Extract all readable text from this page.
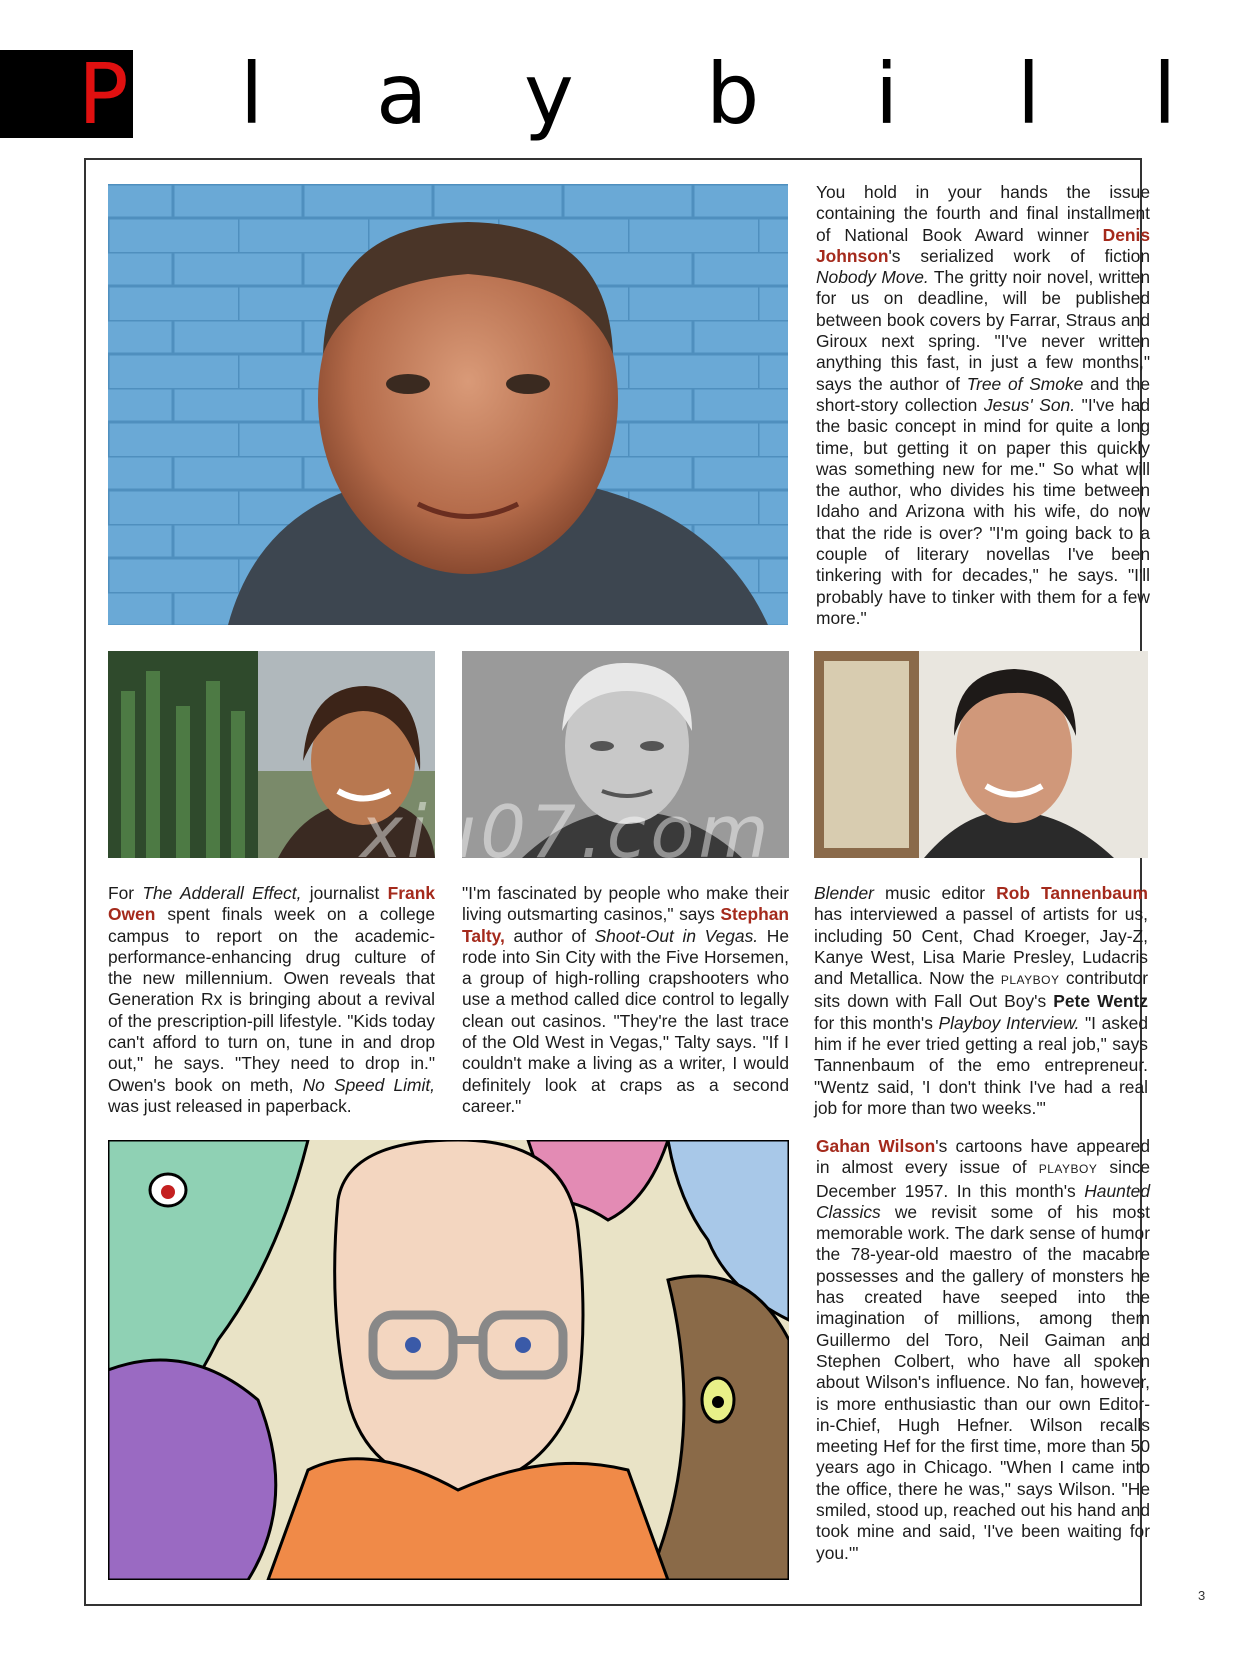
P l a y b i l l

You hold in your hands the issue containing the fourth and final installment of National Book Award winner Denis Johnson's serialized work of fiction Nobody Move. The gritty noir novel, written for us on deadline, will be published between book covers by Farrar, Straus and Giroux next spring. "I've never written anything this fast, in just a few months," says the author of Tree of Smoke and the short-story collection Jesus' Son. "I've had the basic concept in mind for quite a long time, but getting it on paper this quickly was something new for me." So what will the author, who divides his time between Idaho and Arizona with his wife, do now that the ride is over? "I'm going back to a couple of literary novellas I've been tinkering with for decades," he says. "I'll probably have to tinker with them for a few more."

xiu07.com

For The Adderall Effect, journalist Frank Owen spent finals week on a college campus to report on the academic-performance-enhancing drug culture of the new millennium. Owen reveals that Generation Rx is bringing about a revival of the prescription-pill lifestyle. "Kids today can't afford to turn on, tune in and drop out," he says. "They need to drop in." Owen's book on meth, No Speed Limit, was just released in paperback.

"I'm fascinated by people who make their living outsmarting casinos," says Stephan Talty, author of Shoot-Out in Vegas. He rode into Sin City with the Five Horsemen, a group of high-rolling crapshooters who use a method called dice control to legally clean out casinos. "They're the last trace of the Old West in Vegas," Talty says. "If I couldn't make a living as a writer, I would definitely look at craps as a second career."

Blender music editor Rob Tannenbaum has interviewed a passel of artists for us, including 50 Cent, Chad Kroeger, Jay-Z, Kanye West, Lisa Marie Presley, Ludacris and Metallica. Now the PLAYBOY contributor sits down with Fall Out Boy's Pete Wentz for this month's Playboy Interview. "I asked him if he ever tried getting a real job," says Tannenbaum of the emo entrepreneur. "Wentz said, 'I don't think I've had a real job for more than two weeks.'"

Gahan Wilson's cartoons have appeared in almost every issue of PLAYBOY since December 1957. In this month's Haunted Classics we revisit some of his most memorable work. The dark sense of humor the 78-year-old maestro of the macabre possesses and the gallery of monsters he has created have seeped into the imagination of millions, among them Guillermo del Toro, Neil Gaiman and Stephen Colbert, who have all spoken about Wilson's influence. No fan, however, is more enthusiastic than our own Editor-in-Chief, Hugh Hefner. Wilson recalls meeting Hef for the first time, more than 50 years ago in Chicago. "When I came into the office, there he was," says Wilson. "He smiled, stood up, reached out his hand and took mine and said, 'I've been waiting for you.'"

3
